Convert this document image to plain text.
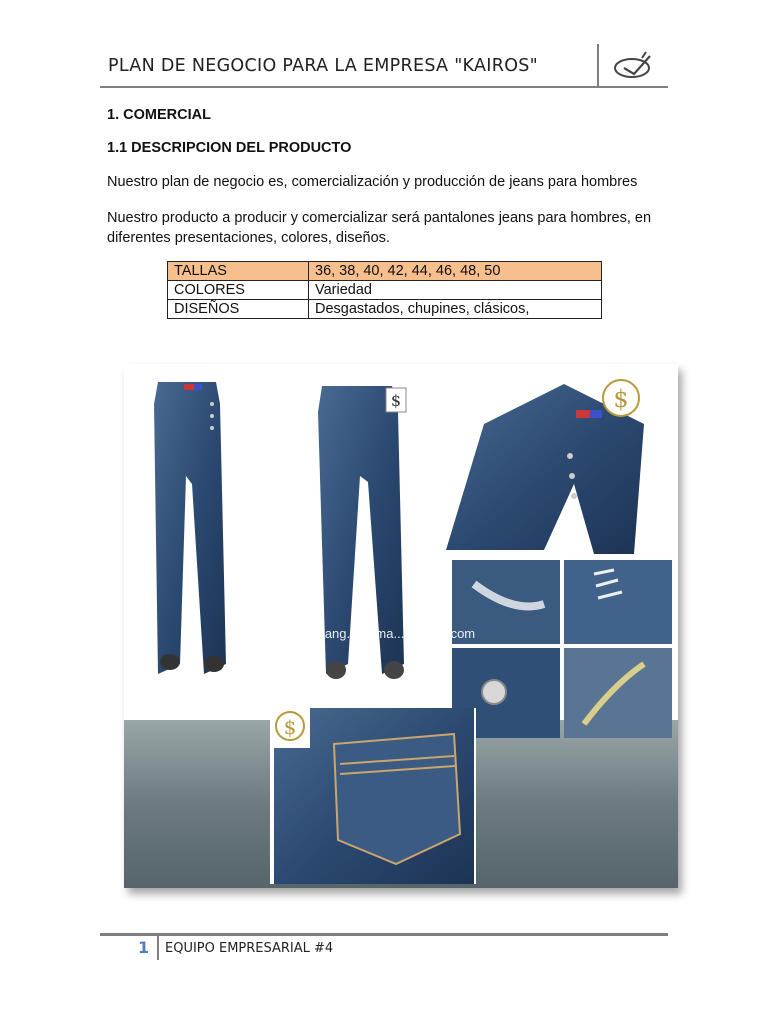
PLAN DE NEGOCIO PARA LA EMPRESA "KAIROS"
1. COMERCIAL
1.1 DESCRIPCION DEL PRODUCTO
Nuestro plan de negocio es, comercialización y producción de jeans para hombres
Nuestro producto a producir y comercializar será pantalones jeans para hombres, en diferentes presentaciones, colores, diseños.
TALLAS	36, 38, 40, 42, 44, 46, 48, 50
COLORES	Variedad
DISEÑOS	Desgastados, chupines, clásicos,
$	$
$
s-ang...en.ma...n-china.com
1 EQUIPO EMPRESARIAL #4
